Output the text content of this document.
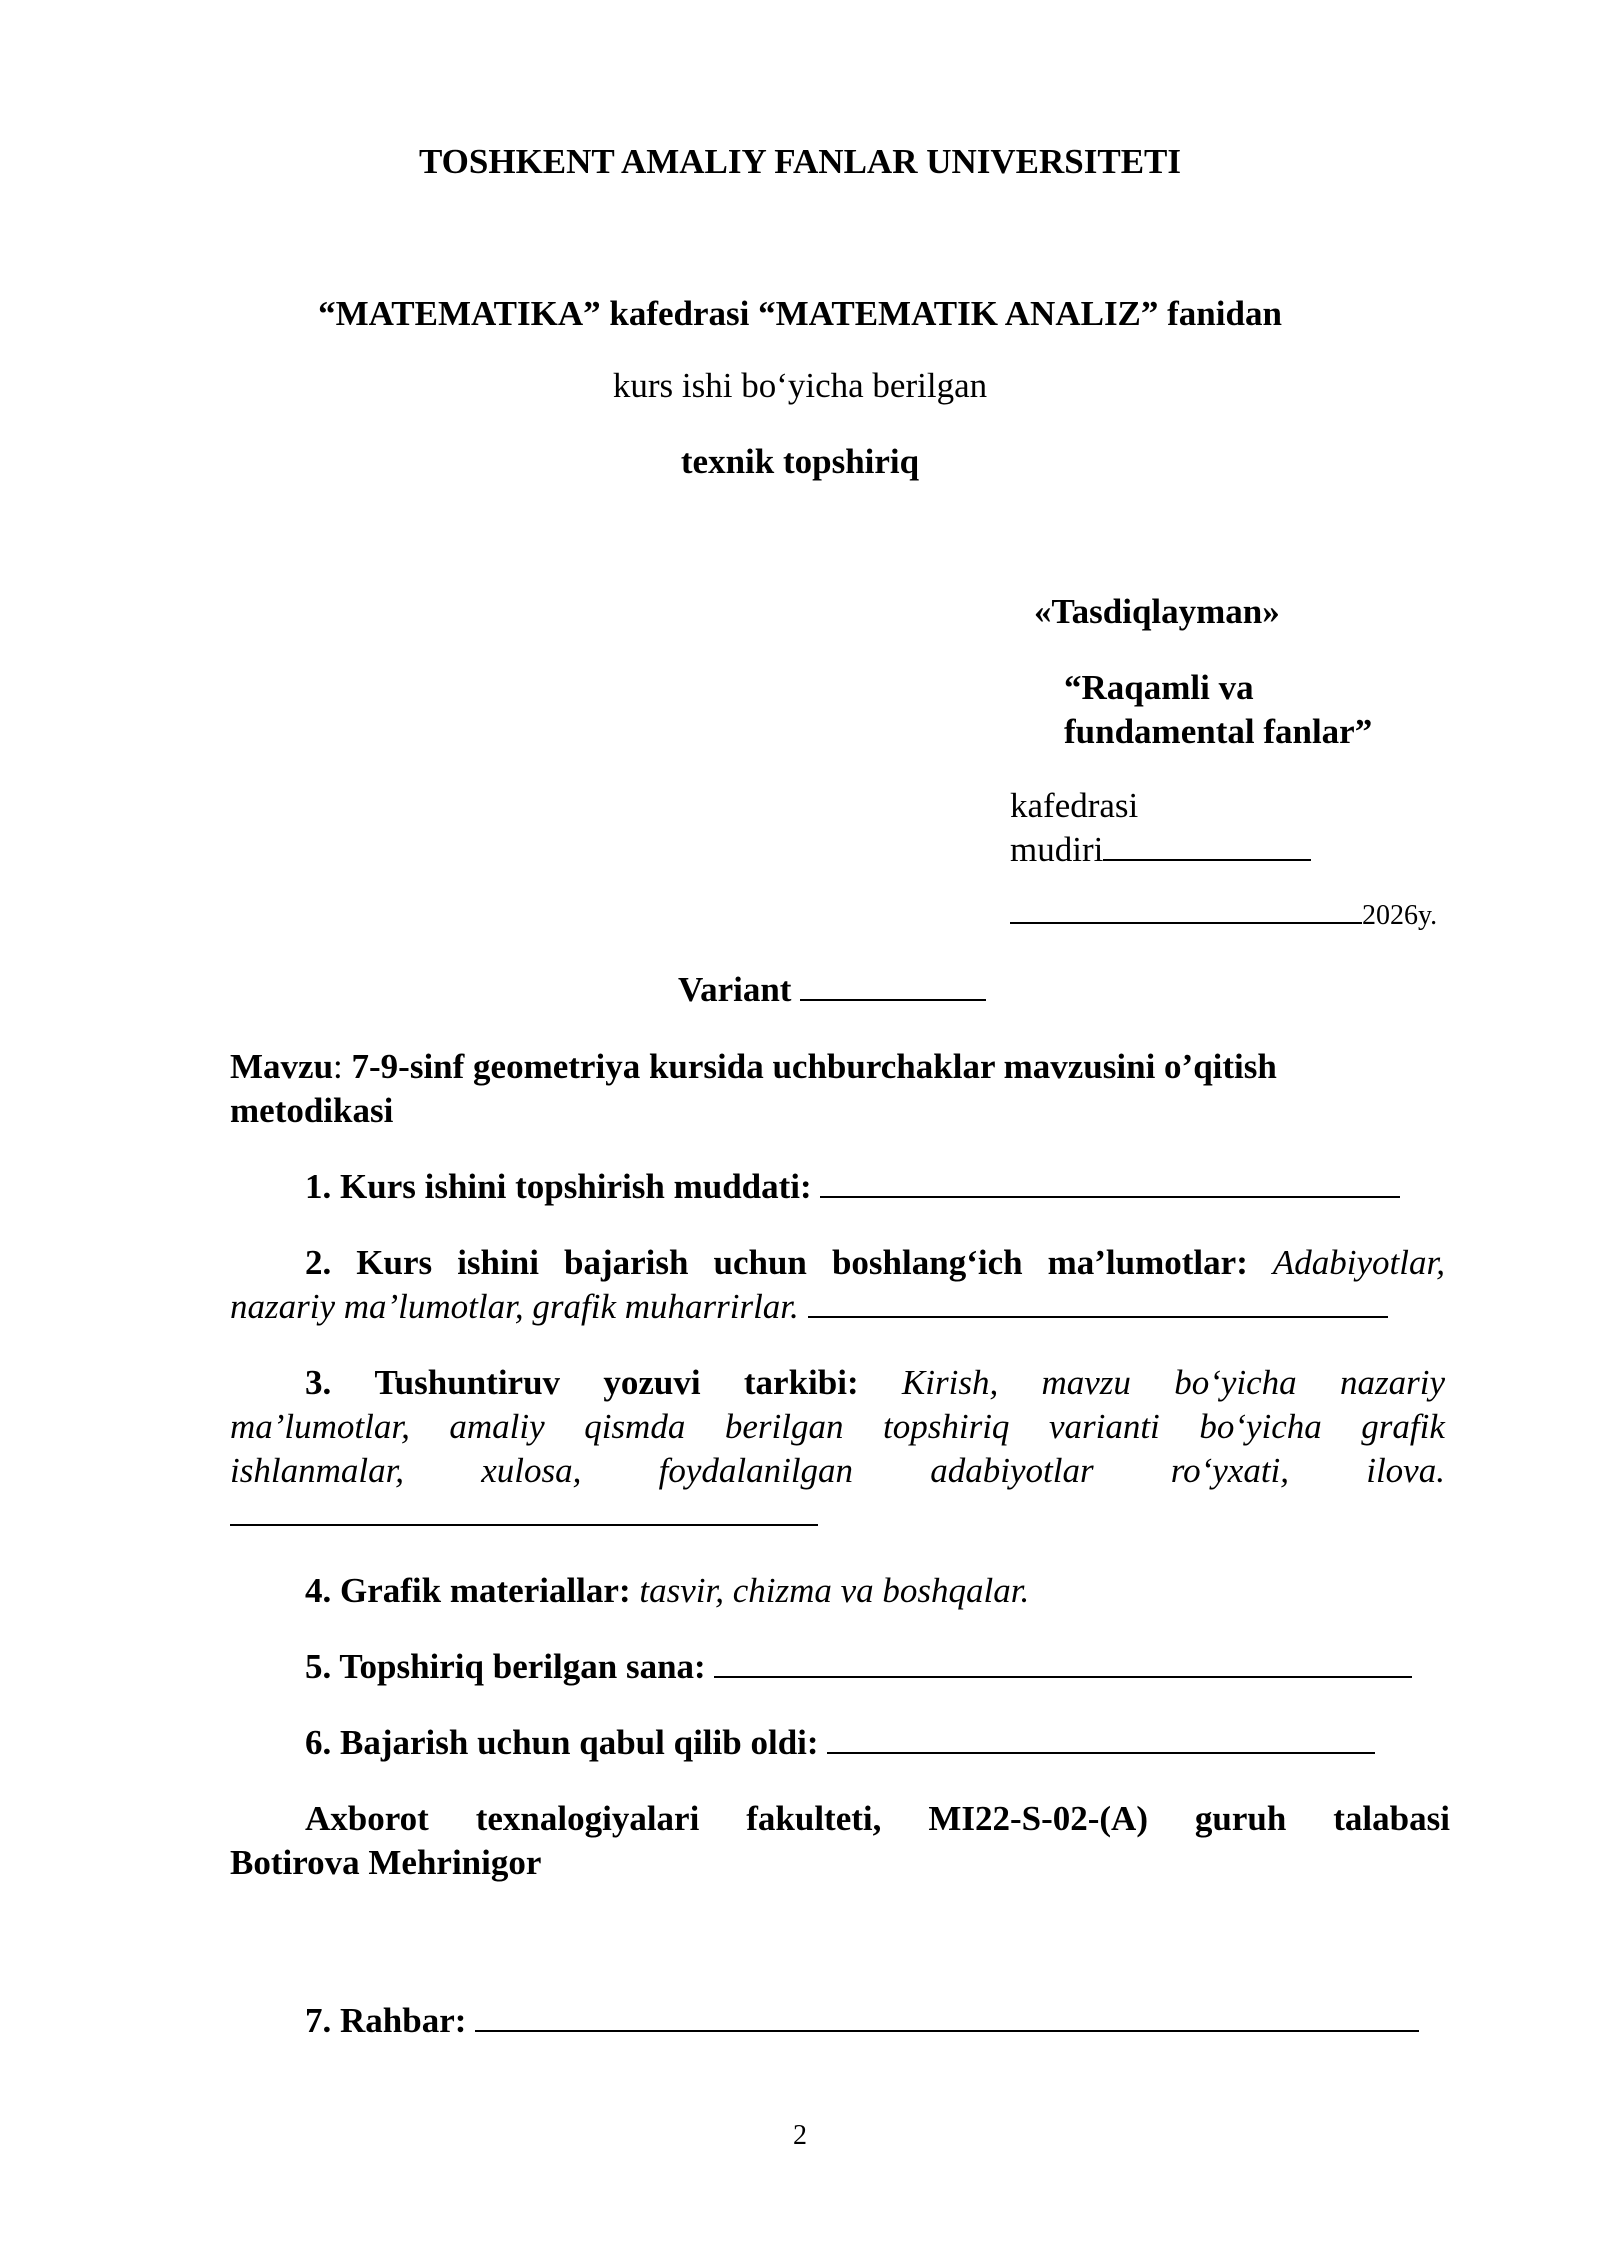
TOSHKENT AMALIY FANLAR UNIVERSITETI
“MATEMATIKA” kafedrasi “MATEMATIK ANALIZ” fanidan
kurs ishi bo‘yicha berilgan
texnik topshiriq
«Tasdiqlayman»
“Raqamli va
fundamental fanlar”
kafedrasi
mudiri
2026y.
Variant
Mavzu: 7-9-sinf geometriya kursida uchburchaklar mavzusini o’qitish
metodikasi
1. Kurs ishini topshirish muddati:
2. Kurs ishini bajarish uchun boshlang‘ich ma’lumotlar: Adabiyotlar,
nazariy ma’lumotlar, grafik muharrirlar.
3. Tushuntiruv yozuvi tarkibi: Kirish, mavzu bo‘yicha nazariy
ma’lumotlar, amaliy qismda berilgan topshiriq varianti bo‘yicha grafik
ishlanmalar, xulosa, foydalanilgan adabiyotlar ro‘yxati, ilova.
4. Grafik materiallar: tasvir, chizma va boshqalar.
5. Topshiriq berilgan sana:
6. Bajarish uchun qabul qilib oldi:
Axborot texnalogiyalari fakulteti, MI22-S-02-(A) guruh talabasi
Botirova Mehrinigor
7. Rahbar:
2
